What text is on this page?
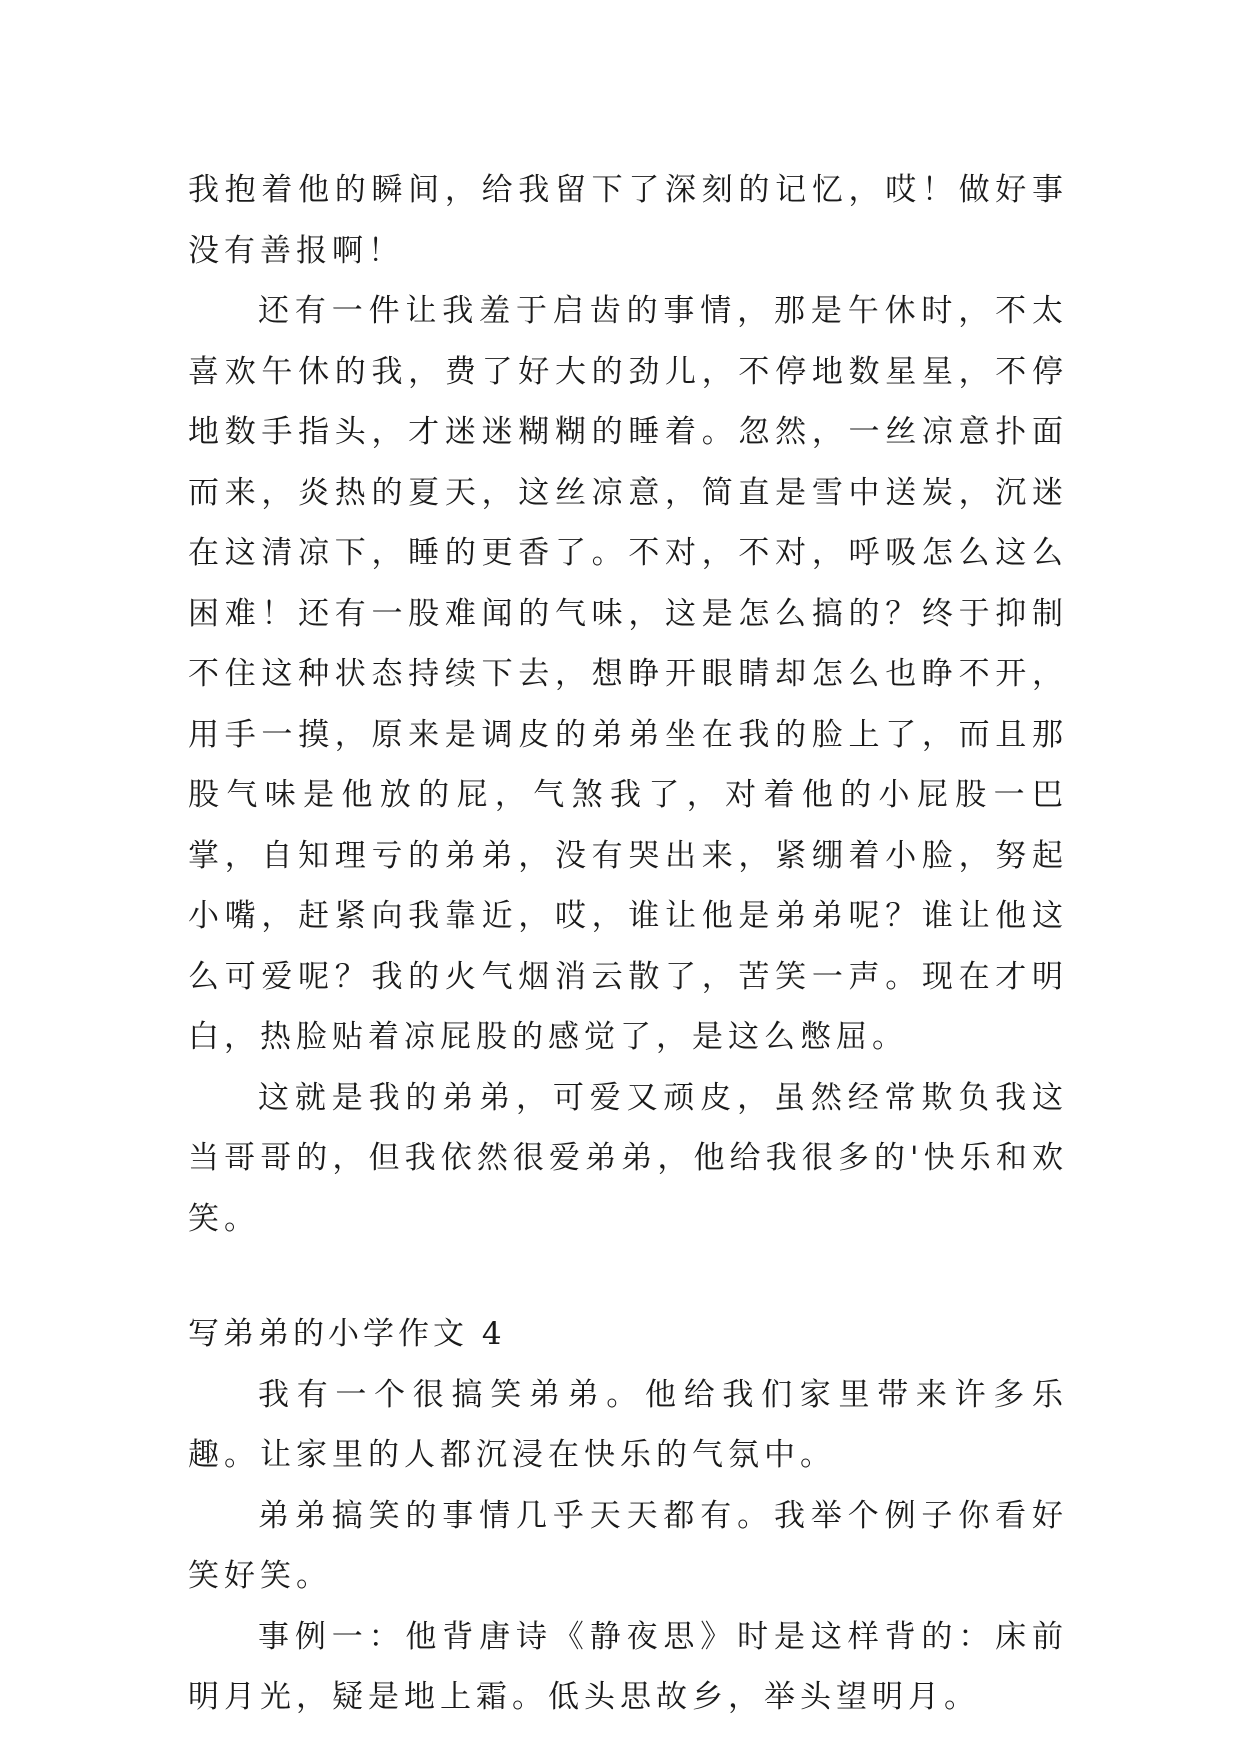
我抱着他的瞬间，给我留下了深刻的记忆，哎！做好事没有善报啊！

还有一件让我羞于启齿的事情，那是午休时，不太喜欢午休的我，费了好大的劲儿，不停地数星星，不停地数手指头，才迷迷糊糊的睡着。忽然，一丝凉意扑面而来，炎热的夏天，这丝凉意，简直是雪中送炭，沉迷在这清凉下，睡的更香了。不对，不对，呼吸怎么这么困难！还有一股难闻的气味，这是怎么搞的？终于抑制不住这种状态持续下去，想睁开眼睛却怎么也睁不开，用手一摸，原来是调皮的弟弟坐在我的脸上了，而且那股气味是他放的屁，气煞我了，对着他的小屁股一巴掌，自知理亏的弟弟，没有哭出来，紧绷着小脸，努起小嘴，赶紧向我靠近，哎，谁让他是弟弟呢？谁让他这么可爱呢？我的火气烟消云散了，苦笑一声。现在才明白，热脸贴着凉屁股的感觉了，是这么憋屈。

这就是我的弟弟，可爱又顽皮，虽然经常欺负我这当哥哥的，但我依然很爱弟弟，他给我很多的'快乐和欢笑。

写弟弟的小学作文 4

我有一个很搞笑弟弟。他给我们家里带来许多乐趣。让家里的人都沉浸在快乐的气氛中。

弟弟搞笑的事情几乎天天都有。我举个例子你看好笑好笑。

事例一：他背唐诗《静夜思》时是这样背的：床前明月光，疑是地上霜。低头思故乡，举头望明月。
